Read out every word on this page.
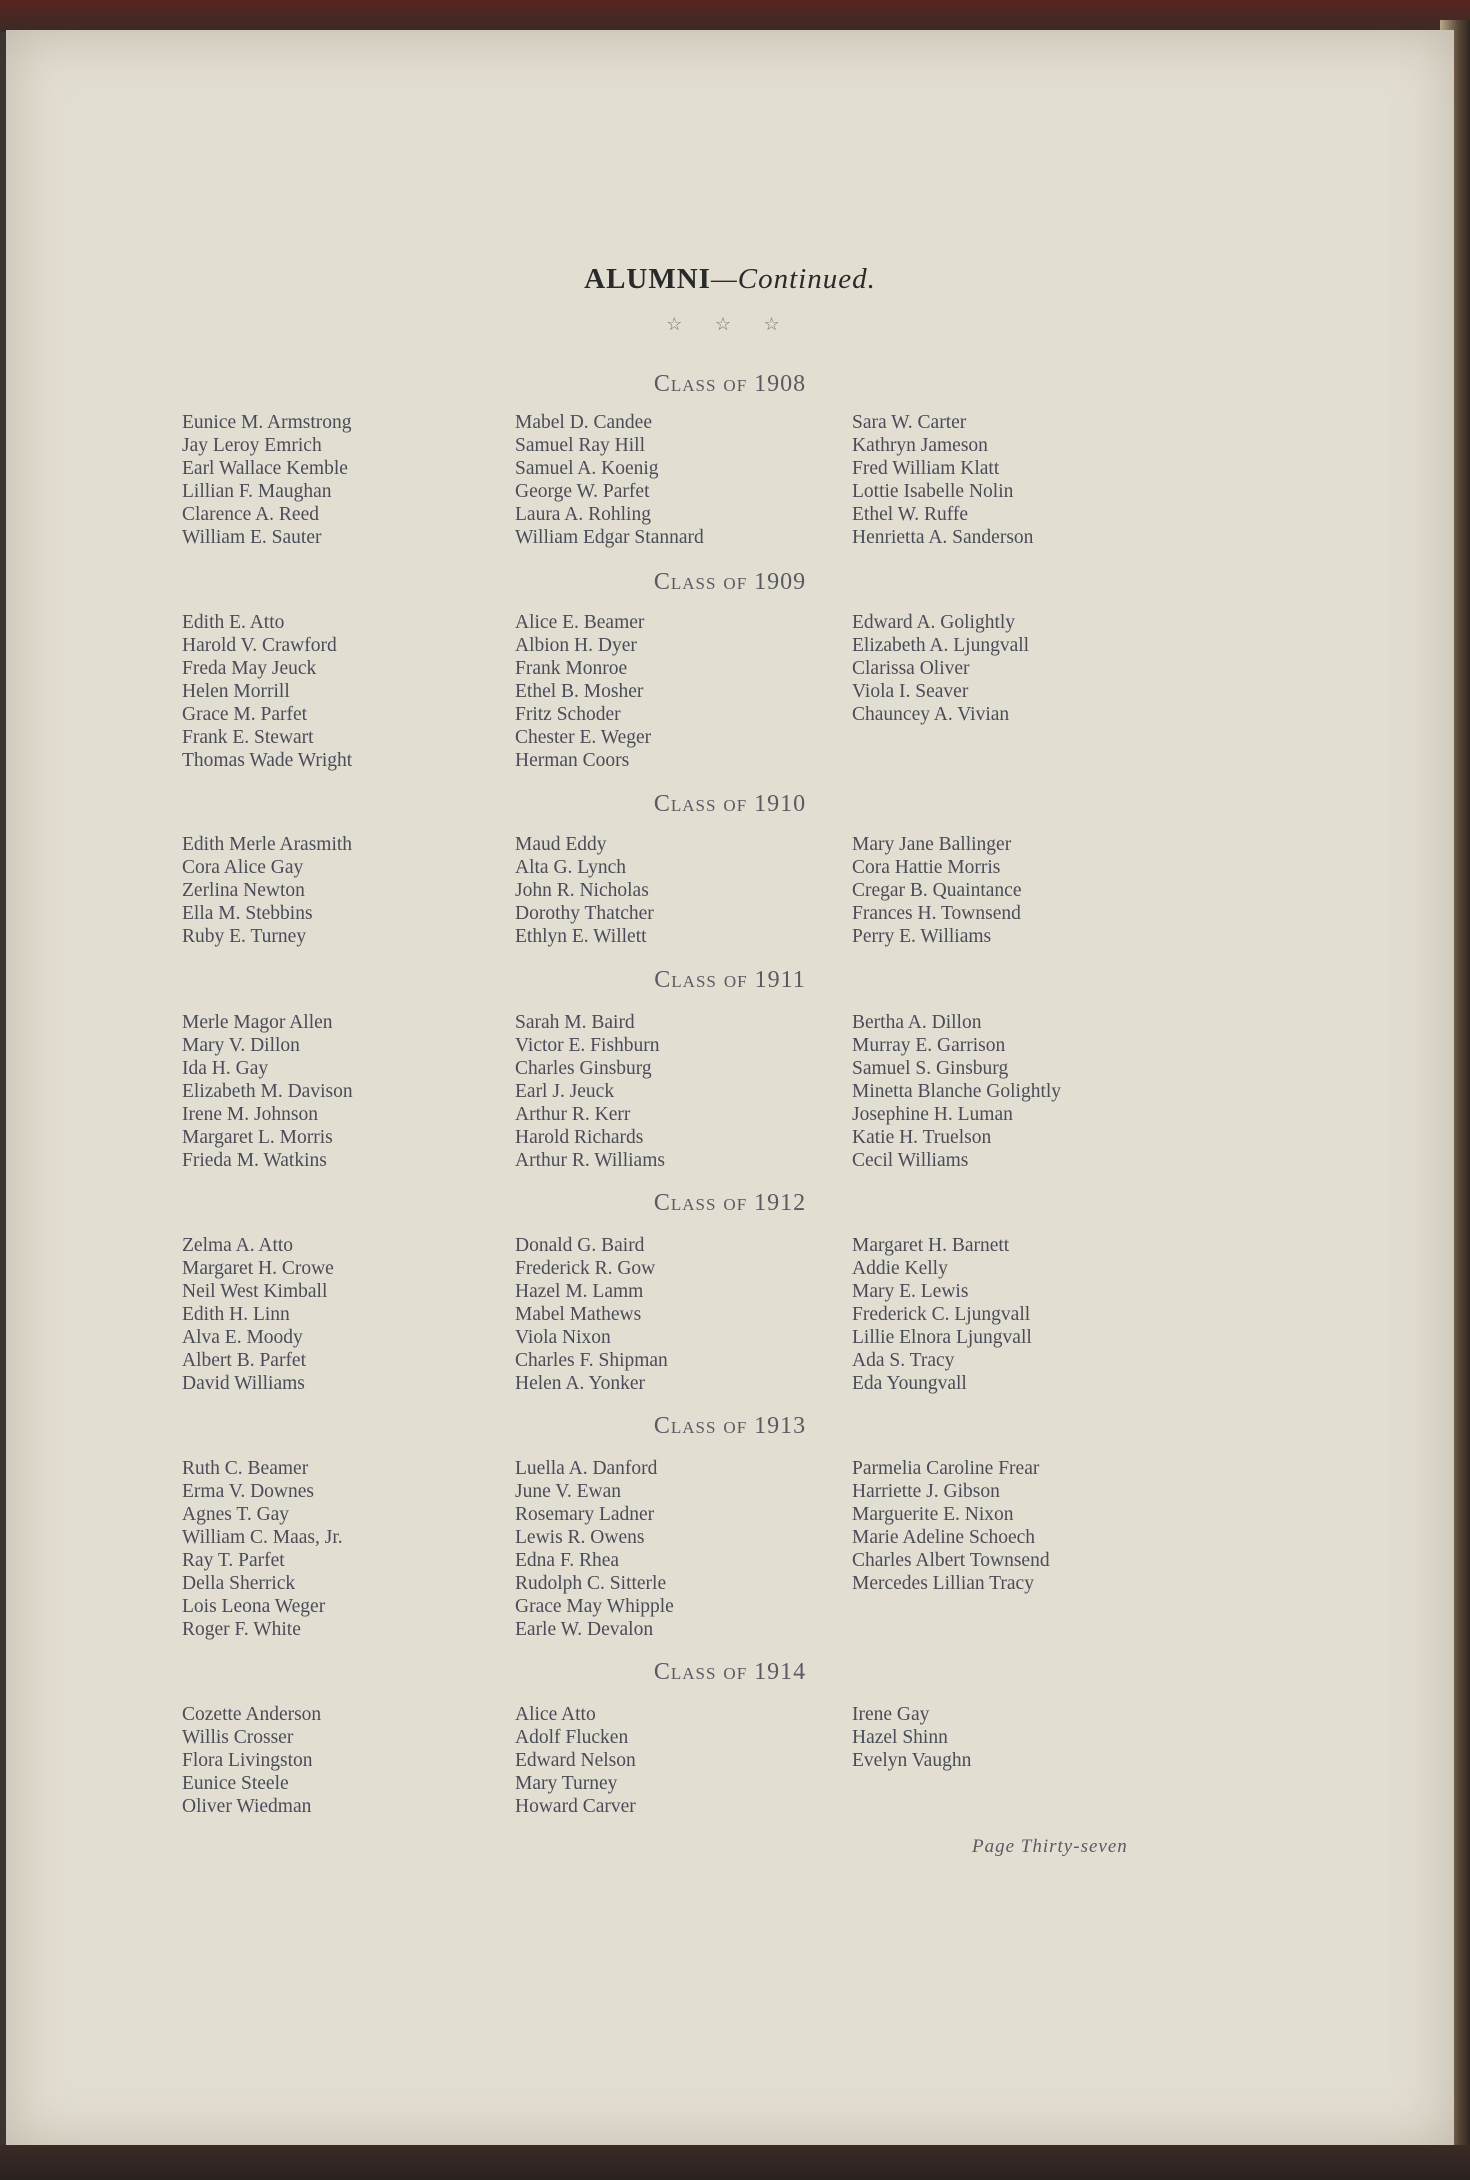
ALUMNI—Continued.
☆ ☆ ☆
Class of 1908
Eunice M. Armstrong
Jay Leroy Emrich
Earl Wallace Kemble
Lillian F. Maughan
Clarence A. Reed
William E. Sauter
Mabel D. Candee
Samuel Ray Hill
Samuel A. Koenig
George W. Parfet
Laura A. Rohling
William Edgar Stannard
Sara W. Carter
Kathryn Jameson
Fred William Klatt
Lottie Isabelle Nolin
Ethel W. Ruffe
Henrietta A. Sanderson
Class of 1909
Edith E. Atto
Harold V. Crawford
Freda May Jeuck
Helen Morrill
Grace M. Parfet
Frank E. Stewart
Thomas Wade Wright
Alice E. Beamer
Albion H. Dyer
Frank Monroe
Ethel B. Mosher
Fritz Schoder
Chester E. Weger
Herman Coors
Edward A. Golightly
Elizabeth A. Ljungvall
Clarissa Oliver
Viola I. Seaver
Chauncey A. Vivian
Class of 1910
Edith Merle Arasmith
Cora Alice Gay
Zerlina Newton
Ella M. Stebbins
Ruby E. Turney
Maud Eddy
Alta G. Lynch
John R. Nicholas
Dorothy Thatcher
Ethlyn E. Willett
Mary Jane Ballinger
Cora Hattie Morris
Cregar B. Quaintance
Frances H. Townsend
Perry E. Williams
Class of 1911
Merle Magor Allen
Mary V. Dillon
Ida H. Gay
Elizabeth M. Davison
Irene M. Johnson
Margaret L. Morris
Frieda M. Watkins
Sarah M. Baird
Victor E. Fishburn
Charles Ginsburg
Earl J. Jeuck
Arthur R. Kerr
Harold Richards
Arthur R. Williams
Bertha A. Dillon
Murray E. Garrison
Samuel S. Ginsburg
Minetta Blanche Golightly
Josephine H. Luman
Katie H. Truelson
Cecil Williams
Class of 1912
Zelma A. Atto
Margaret H. Crowe
Neil West Kimball
Edith H. Linn
Alva E. Moody
Albert B. Parfet
David Williams
Donald G. Baird
Frederick R. Gow
Hazel M. Lamm
Mabel Mathews
Viola Nixon
Charles F. Shipman
Helen A. Yonker
Margaret H. Barnett
Addie Kelly
Mary E. Lewis
Frederick C. Ljungvall
Lillie Elnora Ljungvall
Ada S. Tracy
Eda Youngvall
Class of 1913
Ruth C. Beamer
Erma V. Downes
Agnes T. Gay
William C. Maas, Jr.
Ray T. Parfet
Della Sherrick
Lois Leona Weger
Roger F. White
Luella A. Danford
June V. Ewan
Rosemary Ladner
Lewis R. Owens
Edna F. Rhea
Rudolph C. Sitterle
Grace May Whipple
Earle W. Devalon
Parmelia Caroline Frear
Harriette J. Gibson
Marguerite E. Nixon
Marie Adeline Schoech
Charles Albert Townsend
Mercedes Lillian Tracy
Class of 1914
Cozette Anderson
Willis Crosser
Flora Livingston
Eunice Steele
Oliver Wiedman
Alice Atto
Adolf Flucken
Edward Nelson
Mary Turney
Howard Carver
Irene Gay
Hazel Shinn
Evelyn Vaughn
Page Thirty-seven
